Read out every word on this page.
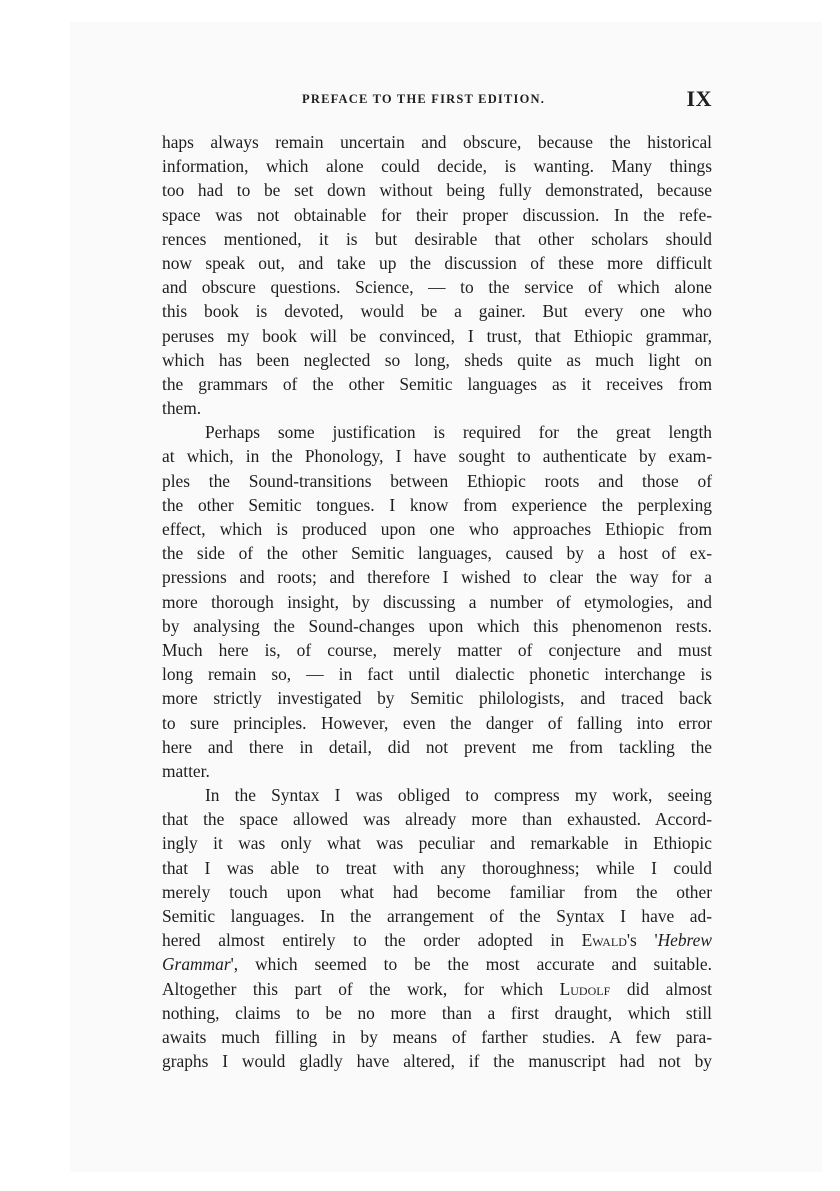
PREFACE TO THE FIRST EDITION.	IX
haps always remain uncertain and obscure, because the historical
information, which alone could decide, is wanting. Many things
too had to be set down without being fully demonstrated, because
space was not obtainable for their proper discussion. In the refe-
rences mentioned, it is but desirable that other scholars should
now speak out, and take up the discussion of these more difficult
and obscure questions. Science, — to the service of which alone
this book is devoted, would be a gainer. But every one who
peruses my book will be convinced, I trust, that Ethiopic grammar,
which has been neglected so long, sheds quite as much light on
the grammars of the other Semitic languages as it receives from
them.
Perhaps some justification is required for the great length
at which, in the Phonology, I have sought to authenticate by exam-
ples the Sound-transitions between Ethiopic roots and those of
the other Semitic tongues. I know from experience the perplexing
effect, which is produced upon one who approaches Ethiopic from
the side of the other Semitic languages, caused by a host of ex-
pressions and roots; and therefore I wished to clear the way for a
more thorough insight, by discussing a number of etymologies, and
by analysing the Sound-changes upon which this phenomenon rests.
Much here is, of course, merely matter of conjecture and must
long remain so, — in fact until dialectic phonetic interchange is
more strictly investigated by Semitic philologists, and traced back
to sure principles. However, even the danger of falling into error
here and there in detail, did not prevent me from tackling the
matter.
In the Syntax I was obliged to compress my work, seeing
that the space allowed was already more than exhausted. Accord-
ingly it was only what was peculiar and remarkable in Ethiopic
that I was able to treat with any thoroughness; while I could
merely touch upon what had become familiar from the other
Semitic languages. In the arrangement of the Syntax I have ad-
hered almost entirely to the order adopted in Ewald's 'Hebrew
Grammar', which seemed to be the most accurate and suitable.
Altogether this part of the work, for which Ludolf did almost
nothing, claims to be no more than a first draught, which still
awaits much filling in by means of farther studies. A few para-
graphs I would gladly have altered, if the manuscript had not by
